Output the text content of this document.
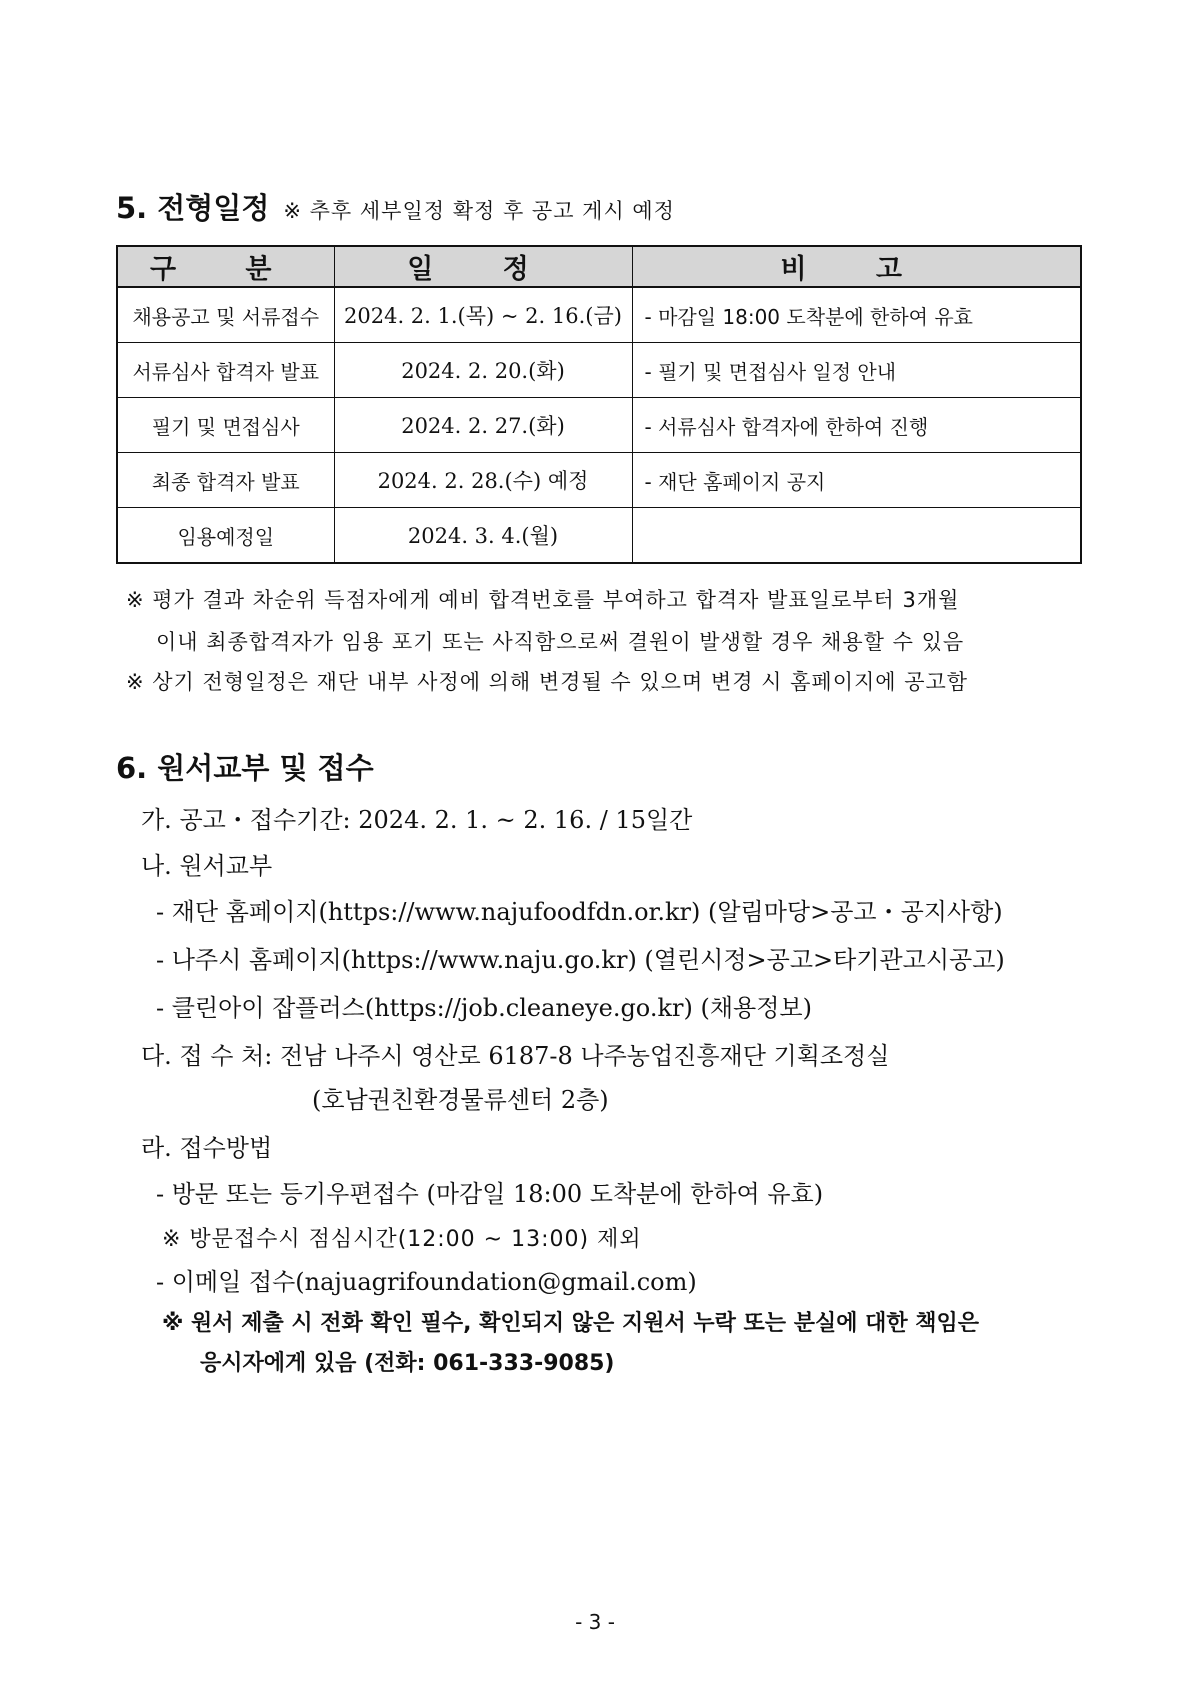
5. 전형일정 ※ 추후 세부일정 확정 후 공고 게시 예정
구 분	일 정	비 고
채용공고 및 서류접수	2024. 2. 1.(목) ~ 2. 16.(금)	- 마감일 18:00 도착분에 한하여 유효
서류심사 합격자 발표	2024. 2. 20.(화)	- 필기 및 면접심사 일정 안내
필기 및 면접심사	2024. 2. 27.(화)	- 서류심사 합격자에 한하여 진행
최종 합격자 발표	2024. 2. 28.(수) 예정	- 재단 홈페이지 공지
임용예정일	2024. 3. 4.(월)	
※ 평가 결과 차순위 득점자에게 예비 합격번호를 부여하고 합격자 발표일로부터 3개월
이내 최종합격자가 임용 포기 또는 사직함으로써 결원이 발생할 경우 채용할 수 있음
※ 상기 전형일정은 재단 내부 사정에 의해 변경될 수 있으며 변경 시 홈페이지에 공고함
6. 원서교부 및 접수
가. 공고・접수기간: 2024. 2. 1. ~ 2. 16. / 15일간
나. 원서교부
- 재단 홈페이지(https://www.najufoodfdn.or.kr) (알림마당>공고・공지사항)
- 나주시 홈페이지(https://www.naju.go.kr) (열린시정>공고>타기관고시공고)
- 클린아이 잡플러스(https://job.cleaneye.go.kr) (채용정보)
다. 접 수 처: 전남 나주시 영산로 6187-8 나주농업진흥재단 기획조정실
(호남권친환경물류센터 2층)
라. 접수방법
- 방문 또는 등기우편접수 (마감일 18:00 도착분에 한하여 유효)
※ 방문접수시 점심시간(12:00 ~ 13:00) 제외
- 이메일 접수(najuagrifoundation@gmail.com)
※ 원서 제출 시 전화 확인 필수, 확인되지 않은 지원서 누락 또는 분실에 대한 책임은
응시자에게 있음 (전화: 061-333-9085)
- 3 -
